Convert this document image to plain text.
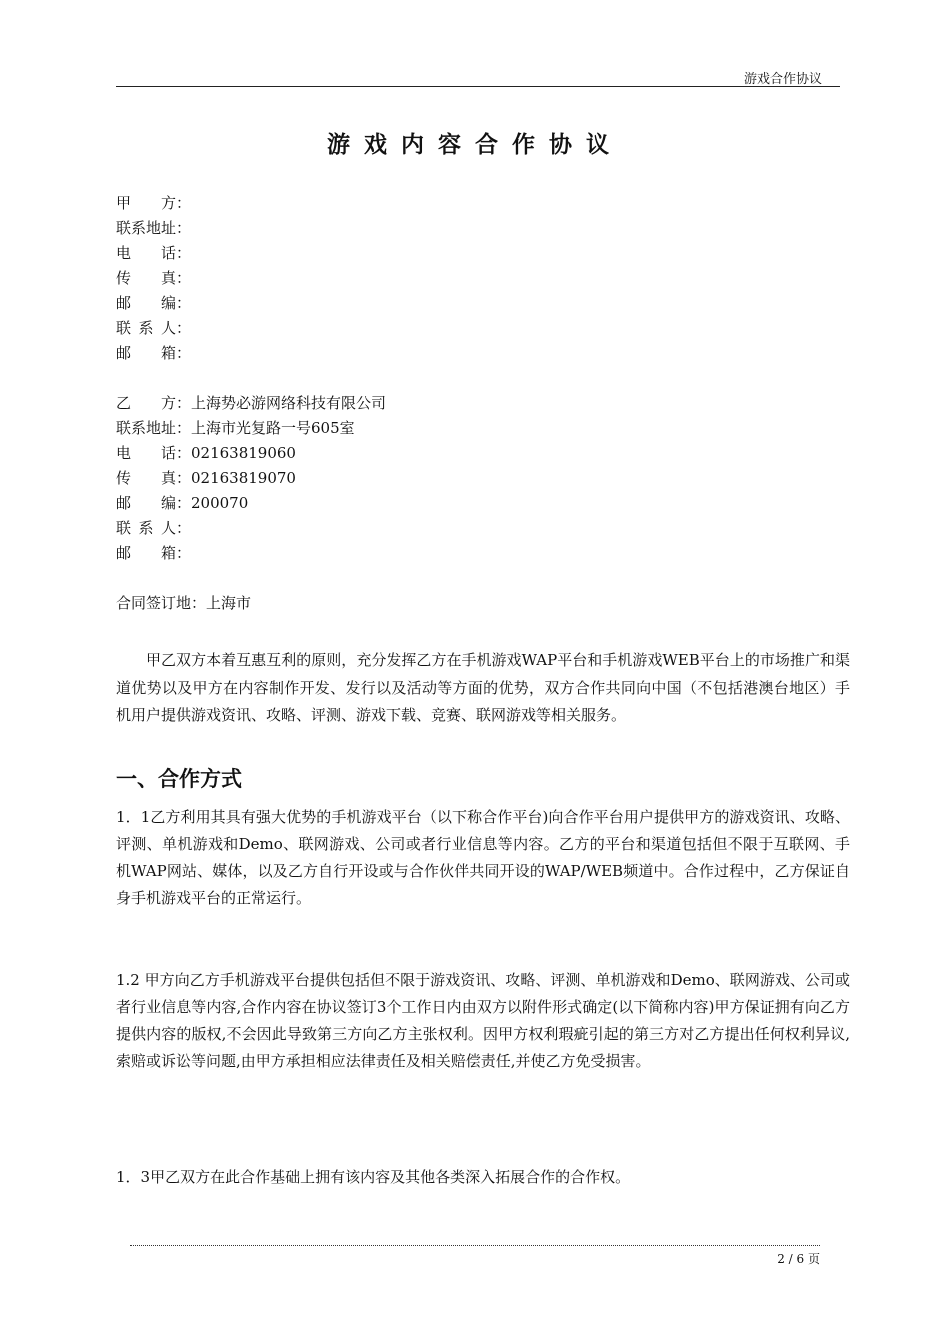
游戏合作协议
游戏内容合作协议
甲 方 ：
联系地址 ：
电 话 ：
传 真 ：
邮 编 ：
联 系 人 ：
邮 箱 ：
乙 方 ： 上海势必游网络科技有限公司
联系地址 ： 上海市光复路一号605室
电 话 ： 02163819060
传 真 ： 02163819070
邮 编 ： 200070
联 系 人 ：
邮 箱 ：
合同签订地：上海市

甲乙双方本着互惠互利的原则，充分发挥乙方在手机游戏WAP平台和手机游戏WEB平台上的市场推广和渠道优势以及甲方在内容制作开发、发行以及活动等方面的优势，双方合作共同向中国（不包括港澳台地区）手机用户提供游戏资讯、攻略、评测、游戏下载、竞赛、联网游戏等相关服务。

一、合作方式

1．1乙方利用其具有强大优势的手机游戏平台（以下称合作平台)向合作平台用户提供甲方的游戏资讯、攻略、评测、单机游戏和Demo、联网游戏、公司或者行业信息等内容。乙方的平台和渠道包括但不限于互联网、手机WAP网站、媒体，以及乙方自行开设或与合作伙伴共同开设的WAP/WEB频道中。合作过程中，乙方保证自身手机游戏平台的正常运行。

1.2 甲方向乙方手机游戏平台提供包括但不限于游戏资讯、攻略、评测、单机游戏和Demo、联网游戏、公司或者行业信息等内容,合作内容在协议签订3个工作日内由双方以附件形式确定(以下简称内容)甲方保证拥有向乙方提供内容的版权,不会因此导致第三方向乙方主张权利。因甲方权利瑕疵引起的第三方对乙方提出任何权利异议,索赔或诉讼等问题,由甲方承担相应法律责任及相关赔偿责任,并使乙方免受损害。

1．3甲乙双方在此合作基础上拥有该内容及其他各类深入拓展合作的合作权。

2 / 6 页
